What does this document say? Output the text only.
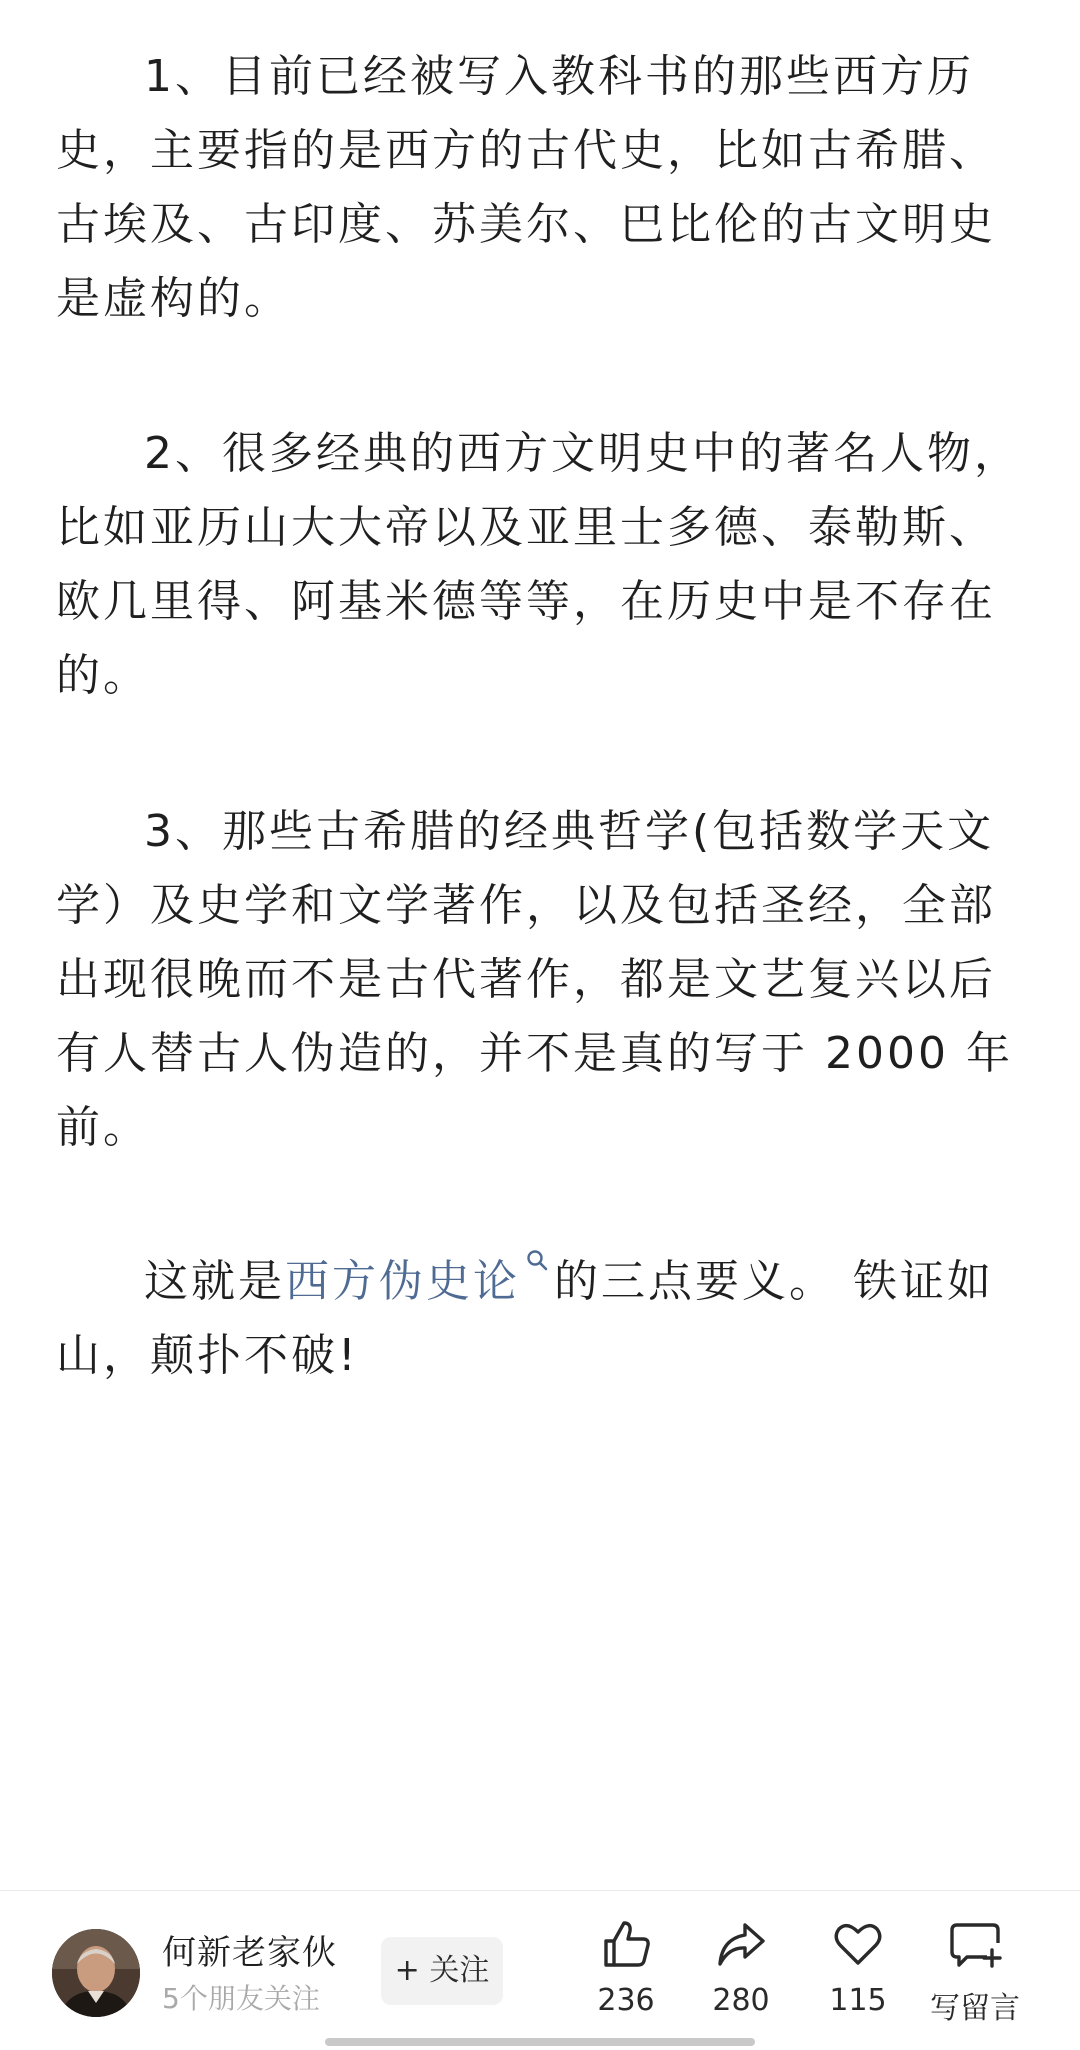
1、目前已经被写入教科书的那些西方历史，主要指的是西方的古代史，比如古希腊、古埃及、古印度、苏美尔、巴比伦的古文明史是虚构的。

2、很多经典的西方文明史中的著名人物，比如亚历山大大帝以及亚里士多德、泰勒斯、欧几里得、阿基米德等等，在历史中是不存在的。

3、那些古希腊的经典哲学(包括数学天文学）及史学和文学著作，以及包括圣经，全部出现很晚而不是古代著作，都是文艺复兴以后有人替古人伪造的，并不是真的写于 2000 年前。

这就是西方伪史论 的三点要义。 铁证如山，颠扑不破!

何新老家伙
5个朋友关注
+ 关注
236	280	115	写留言
